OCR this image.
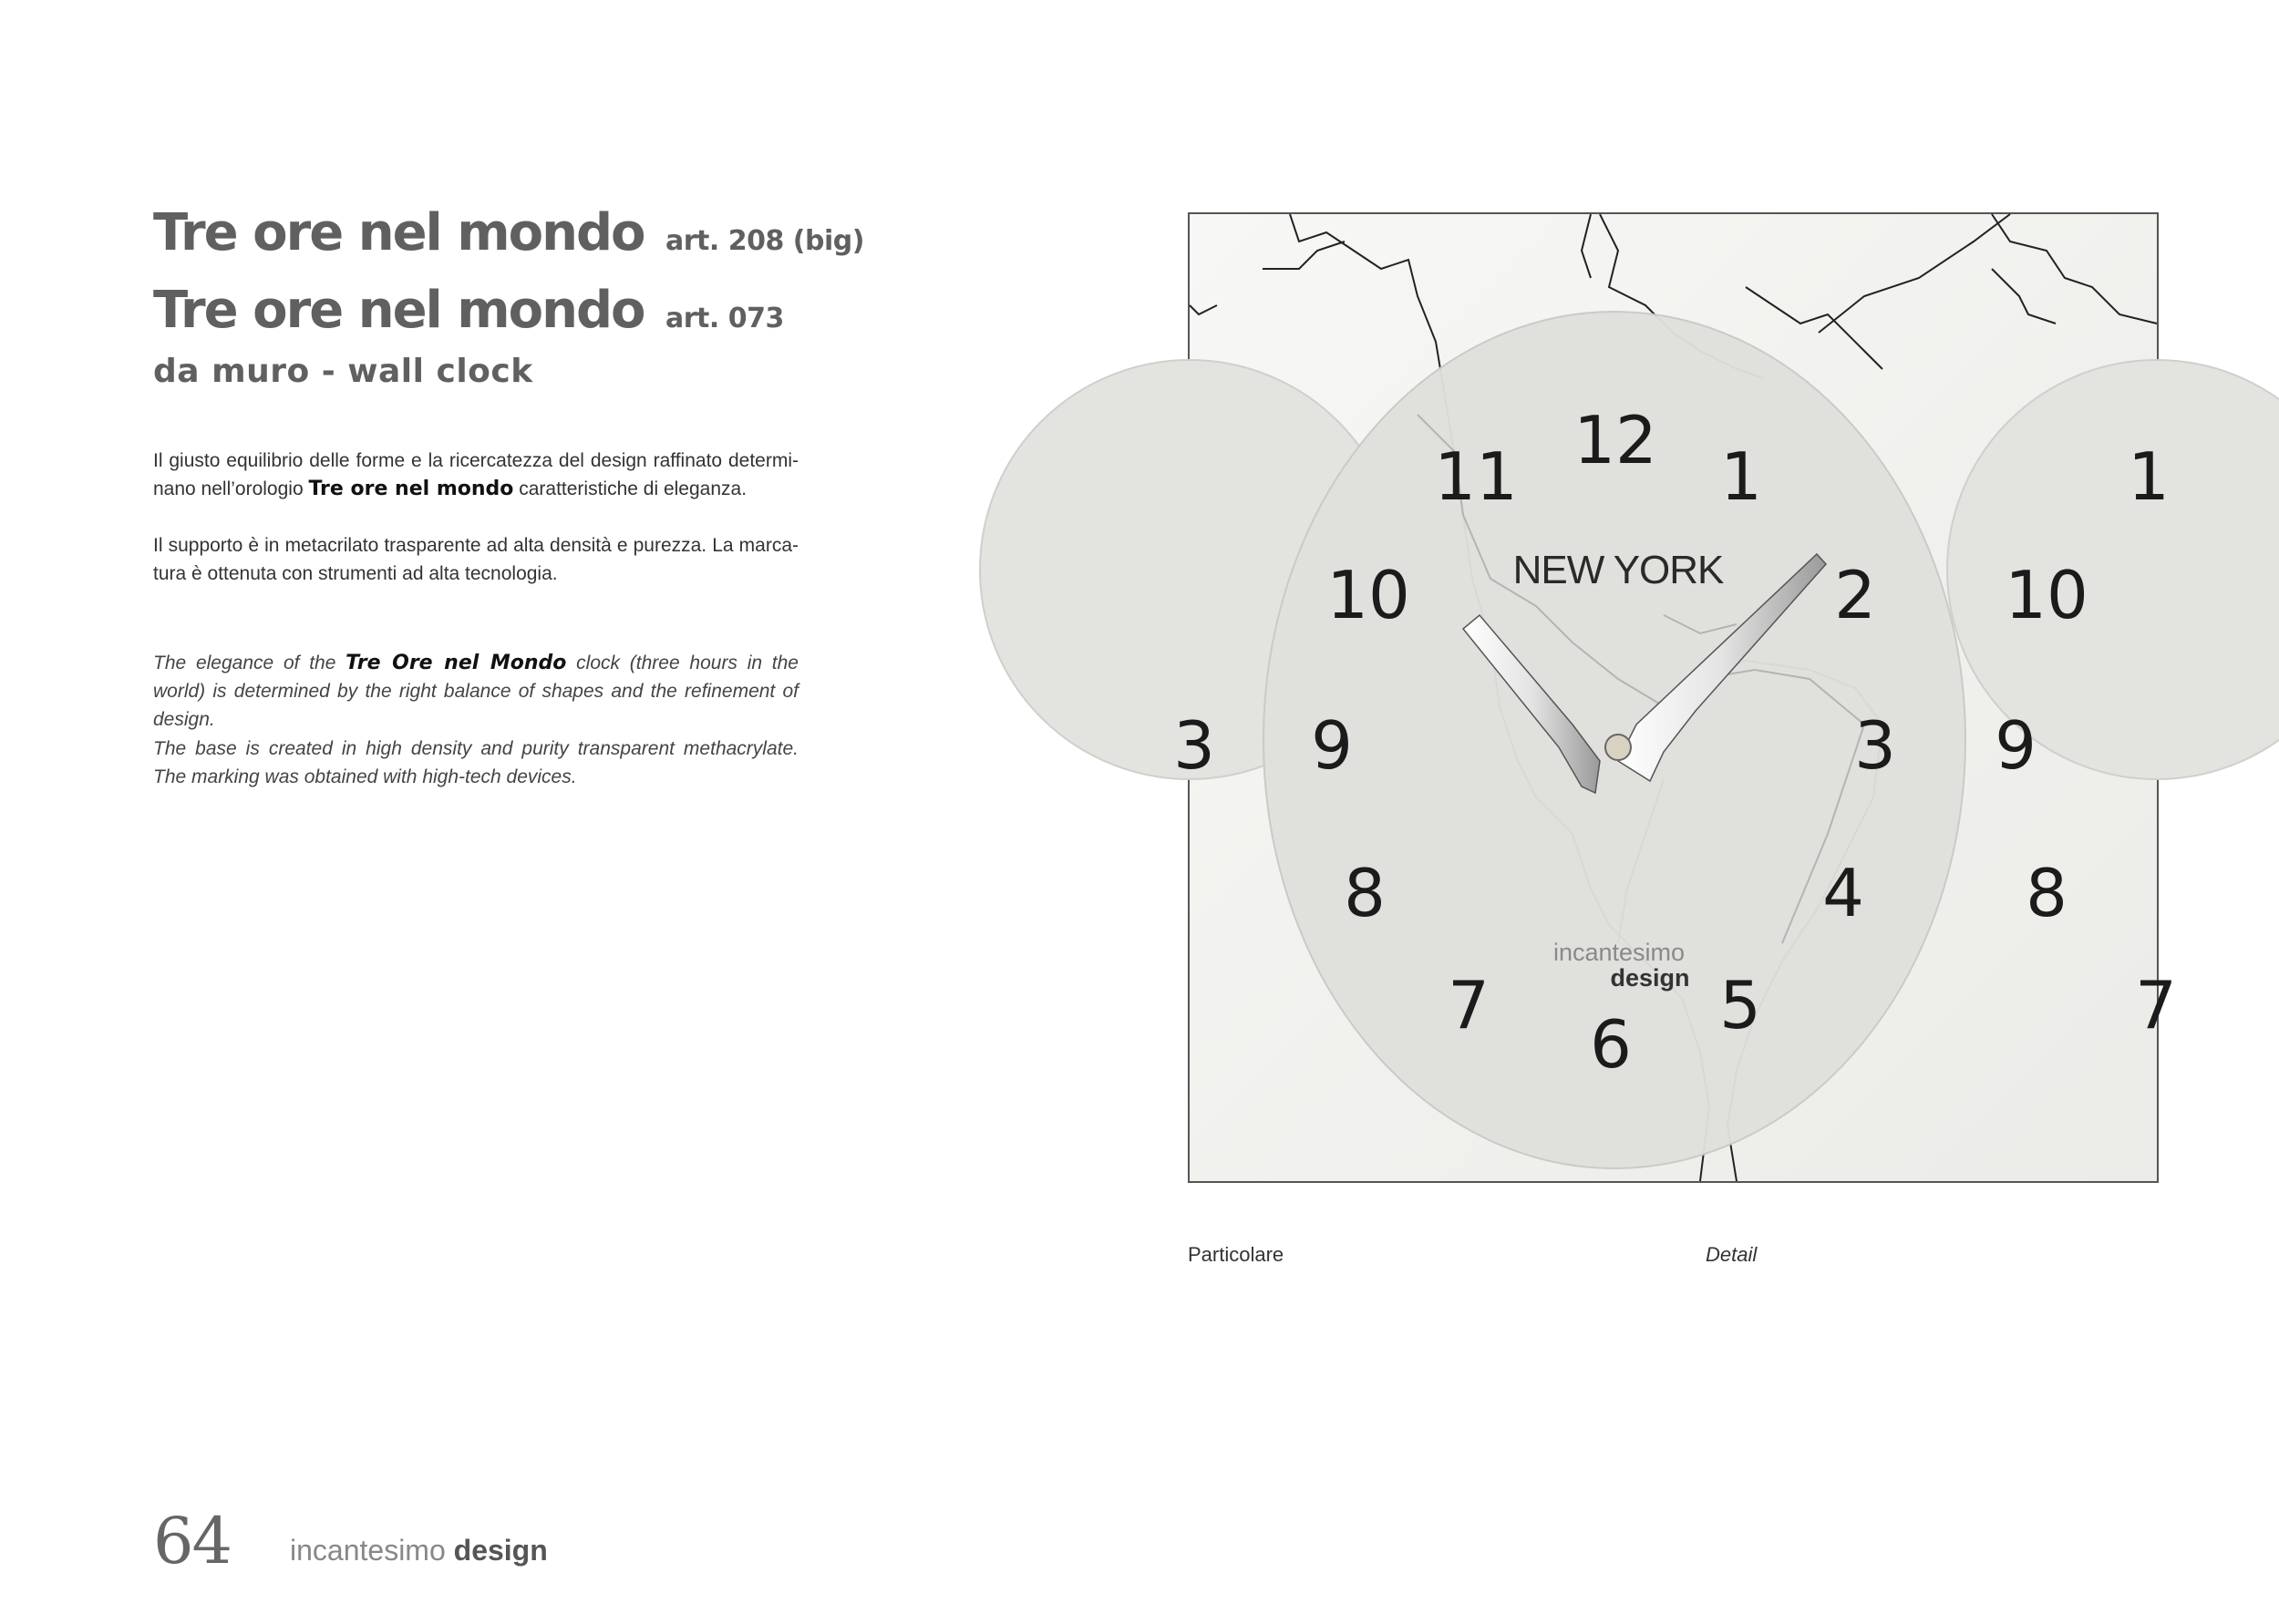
Tre ore nel mondo art. 208 (big)
Tre ore nel mondo art. 073
da muro - wall clock
Il giusto equilibrio delle forme e la ricercatezza del design raffinato determi-nano nell’orologio Tre ore nel mondo caratteristiche di eleganza.
Il supporto è in metacrilato trasparente ad alta densità e purezza. La marca-tura è ottenuta con strumenti ad alta tecnologia.
The elegance of the Tre Ore nel Mondo clock (three hours in the world) is determined by the right balance of shapes and the refinement of design.
The base is created in high density and purity transparent methacrylate. The marking was obtained with high-tech devices.
12 1
2
3
4
5
6
7
8
9
10
11
3
1
10
9
8
7
NEW YORK
incantesimo
design
Particolare	Detail
64 incantesimo design
